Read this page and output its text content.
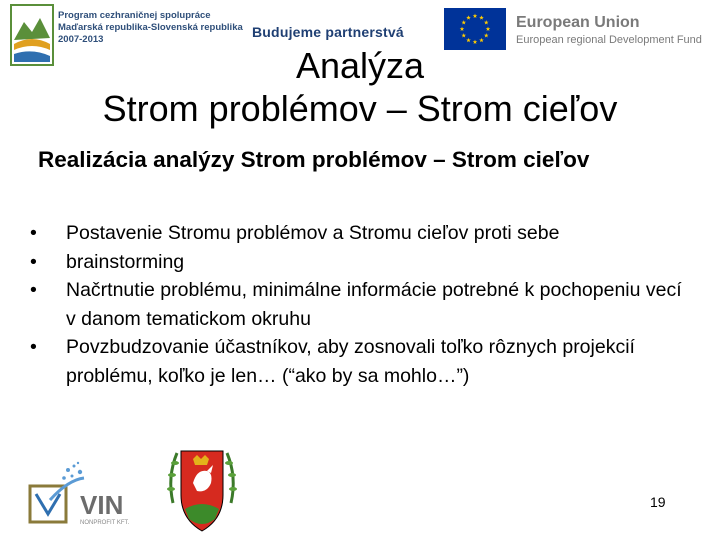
Program cezhraničnej spolupráce
Maďarská republika-Slovenská republika
2007-2013	Budujeme partnerstvá
European Union
European regional Development Fund
Analýza
Strom problémov – Strom cieľov
Realizácia analýzy Strom problémov – Strom cieľov
• Postavenie Stromu problémov a Stromu cieľov proti sebe
• brainstorming
• Načrtnutie problému, minimálne informácie potrebné k pochopeniu vecí v danom tematickom okruhu
• Povzbudzovanie účastníkov, aby zosnovali toľko rôznych projekcií problému, koľko je len… (“ako by sa mohlo…”)
VIN
NONPROFIT KFT.
19
